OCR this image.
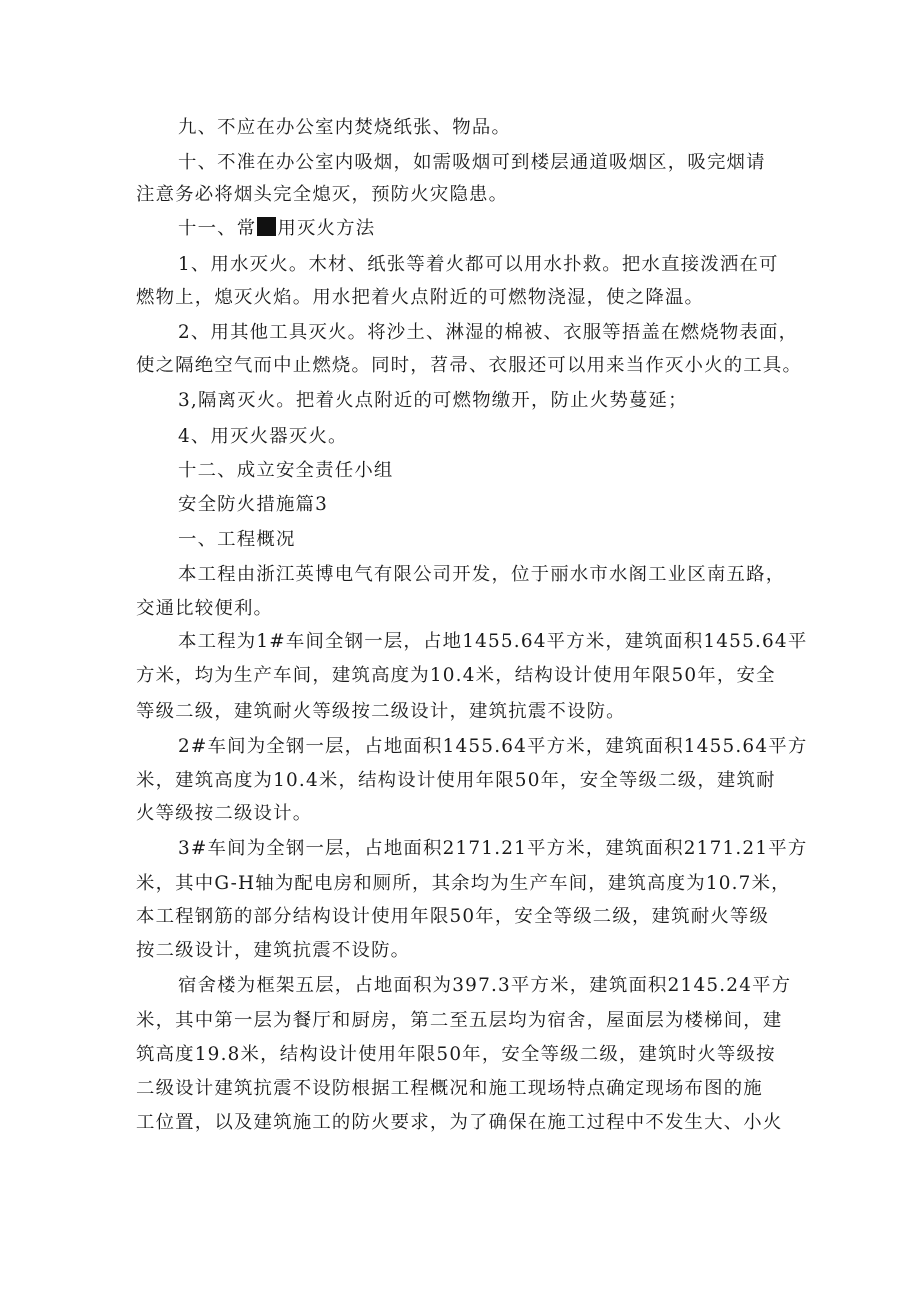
九、不应在办公室内焚烧纸张、物品。
十、不准在办公室内吸烟，如需吸烟可到楼层通道吸烟区，吸完烟请
注意务必将烟头完全熄灭，预防火灾隐患。
十一、常 用灭火方法
1、用水灭火。木材、纸张等着火都可以用水扑救。把水直接泼洒在可
燃物上，熄灭火焰。用水把着火点附近的可燃物浇湿，使之降温。
2、用其他工具灭火。将沙土、淋湿的棉被、衣服等捂盖在燃烧物表面，
使之隔绝空气而中止燃烧。同时，苕帚、衣服还可以用来当作灭小火的工具。
3,隔离灭火。把着火点附近的可燃物缴开，防止火势蔓延；
4、用灭火器灭火。
十二、成立安全责任小组
安全防火措施篇3
一、工程概况
本工程由浙江英博电气有限公司开发，位于丽水市水阁工业区南五路，
交通比较便利。
本工程为1#车间全钢一层，占地1455.64平方米，建筑面积1455.64平
方米，均为生产车间，建筑高度为10.4米，结构设计使用年限50年，安全
等级二级，建筑耐火等级按二级设计，建筑抗震不设防。
2#车间为全钢一层，占地面积1455.64平方米，建筑面积1455.64平方
米，建筑高度为10.4米，结构设计使用年限50年，安全等级二级，建筑耐
火等级按二级设计。
3#车间为全钢一层，占地面积2171.21平方米，建筑面积2171.21平方
米，其中G-H轴为配电房和厕所，其余均为生产车间，建筑高度为10.7米，
本工程钢筋的部分结构设计使用年限50年，安全等级二级，建筑耐火等级
按二级设计，建筑抗震不设防。
宿舍楼为框架五层，占地面积为397.3平方米，建筑面积2145.24平方
米，其中第一层为餐厅和厨房，第二至五层均为宿舍，屋面层为楼梯间，建
筑高度19.8米，结构设计使用年限50年，安全等级二级，建筑时火等级按
二级设计建筑抗震不设防根据工程概况和施工现场特点确定现场布图的施
工位置，以及建筑施工的防火要求，为了确保在施工过程中不发生大、小火
